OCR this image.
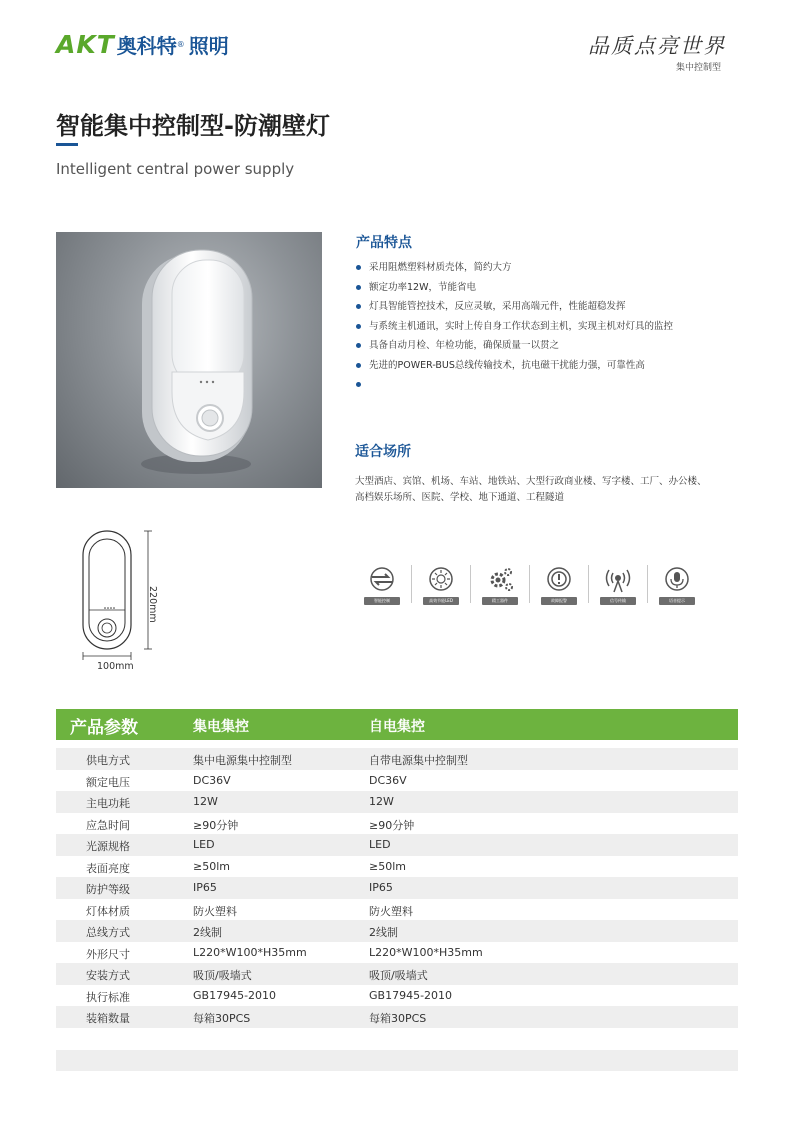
AKT 奥科特 ® 照明	品质点亮世界
集中控制型
智能集中控制型-防潮壁灯
Intelligent central power supply
产品特点
采用阻燃塑料材质壳体，简约大方
额定功率12W，节能省电
灯具智能管控技术，反应灵敏，采用高端元件，性能超稳发挥
与系统主机通讯，实时上传自身工作状态到主机，实现主机对灯具的监控
具备自动月检、年检功能，确保质量一以贯之
先进的POWER-BUS总线传输技术，抗电磁干扰能力强，可靠性高
适合场所
大型酒店、宾馆、机场、车站、地铁站、大型行政商业楼、写字楼、工厂、办公楼、高档娱乐场所、医院、学校、地下通道、工程隧道
100mm
220mm	智能控制	高效节能LED	精工器件	故障报警	信号传输	语音提示
产品参数	集电集控	自电集控
供电方式	集中电源集中控制型	自带电源集中控制型
额定电压	DC36V	DC36V
主电功耗	12W	12W
应急时间	≥90分钟	≥90分钟
光源规格	LED	LED
表面亮度	≥50lm	≥50lm
防护等级	IP65	IP65
灯体材质	防火塑料	防火塑料
总线方式	2线制	2线制
外形尺寸	L220*W100*H35mm	L220*W100*H35mm
安装方式	吸顶/吸墙式	吸顶/吸墙式
执行标准	GB17945-2010	GB17945-2010
装箱数量	每箱30PCS	每箱30PCS
